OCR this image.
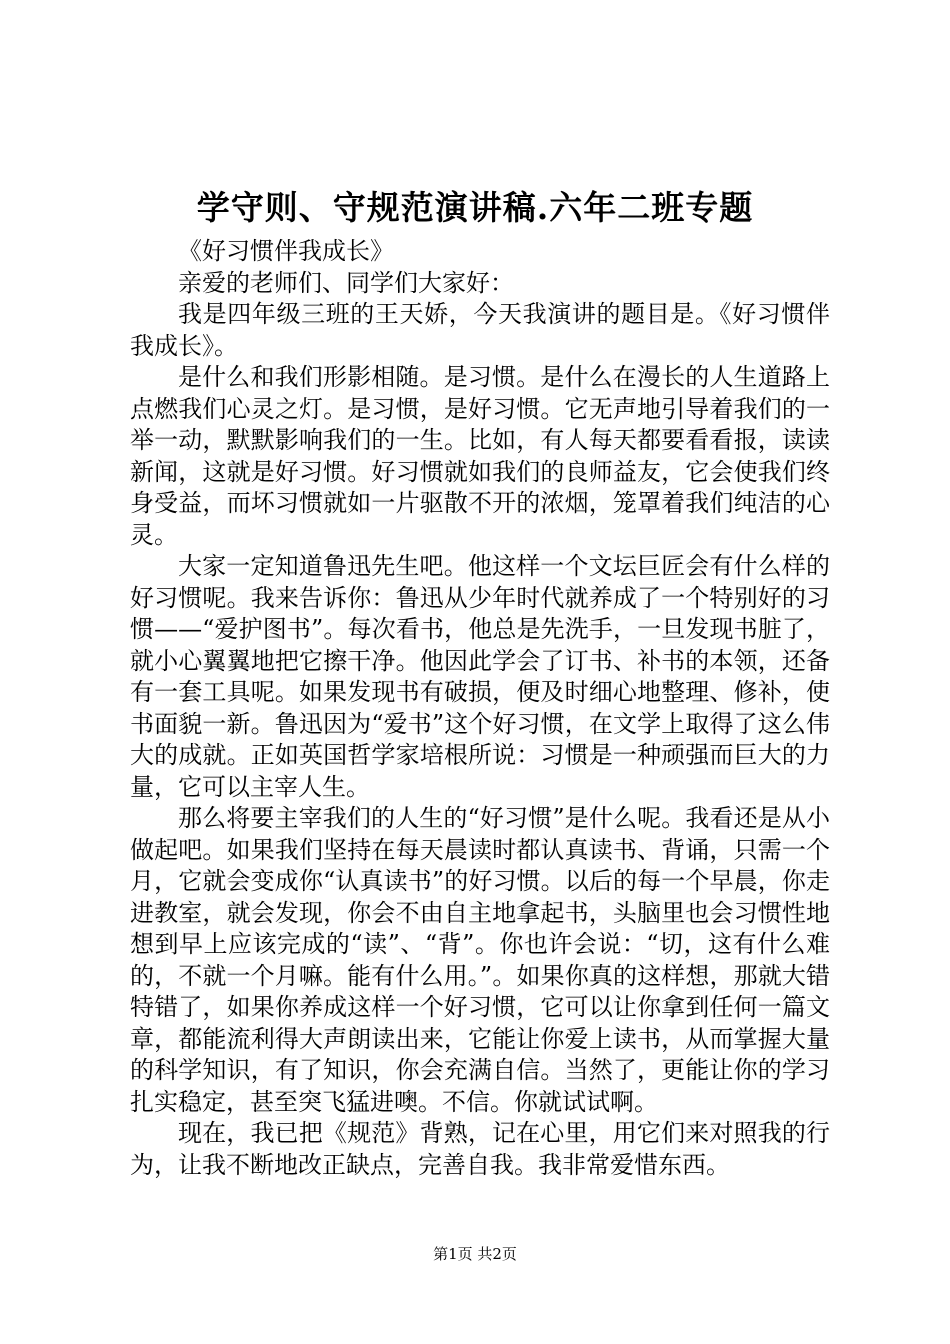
学守则、守规范演讲稿.六年二班专题

《好习惯伴我成长》

亲爱的老师们、同学们大家好：

我是四年级三班的王天娇，今天我演讲的题目是。《好习惯伴我成长》。

是什么和我们形影相随。是习惯。是什么在漫长的人生道路上点燃我们心灵之灯。是习惯，是好习惯。它无声地引导着我们的一举一动，默默影响我们的一生。比如，有人每天都要看看报，读读新闻，这就是好习惯。好习惯就如我们的良师益友，它会使我们终身受益，而坏习惯就如一片驱散不开的浓烟，笼罩着我们纯洁的心灵。

大家一定知道鲁迅先生吧。他这样一个文坛巨匠会有什么样的好习惯呢。我来告诉你：鲁迅从少年时代就养成了一个特别好的习惯——“爱护图书”。每次看书，他总是先洗手，一旦发现书脏了，就小心翼翼地把它擦干净。他因此学会了订书、补书的本领，还备有一套工具呢。如果发现书有破损，便及时细心地整理、修补，使书面貌一新。鲁迅因为“爱书”这个好习惯，在文学上取得了这么伟大的成就。正如英国哲学家培根所说：习惯是一种顽强而巨大的力量，它可以主宰人生。

那么将要主宰我们的人生的“好习惯”是什么呢。我看还是从小做起吧。如果我们坚持在每天晨读时都认真读书、背诵，只需一个月，它就会变成你“认真读书”的好习惯。以后的每一个早晨，你走进教室，就会发现，你会不由自主地拿起书，头脑里也会习惯性地想到早上应该完成的“读”、“背”。你也许会说：“切，这有什么难的，不就一个月嘛。能有什么用。”。如果你真的这样想，那就大错特错了，如果你养成这样一个好习惯，它可以让你拿到任何一篇文章，都能流利得大声朗读出来，它能让你爱上读书，从而掌握大量的科学知识，有了知识，你会充满自信。当然了，更能让你的学习扎实稳定，甚至突飞猛进噢。不信。你就试试啊。

现在，我已把《规范》背熟，记在心里，用它们来对照我的行为，让我不断地改正缺点，完善自我。我非常爱惜东西。

第1页 共2页
